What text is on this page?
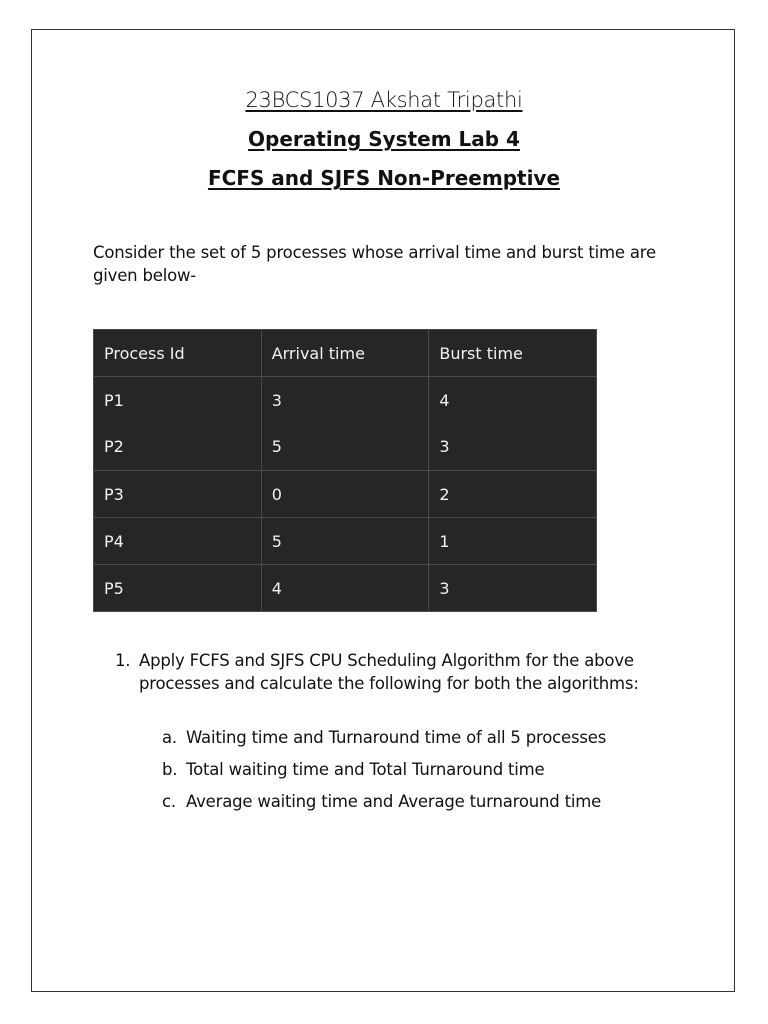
23BCS1037 Akshat Tripathi
Operating System Lab 4
FCFS and SJFS Non-Preemptive
Consider the set of 5 processes whose arrival time and burst time are given below-
Process Id	Arrival time	Burst time
P1	3	4
P2	5	3
P3	0	2
P4	5	1
P5	4	3
1. Apply FCFS and SJFS CPU Scheduling Algorithm for the above processes and calculate the following for both the algorithms:
a. Waiting time and Turnaround time of all 5 processes
b. Total waiting time and Total Turnaround time
c. Average waiting time and Average turnaround time
